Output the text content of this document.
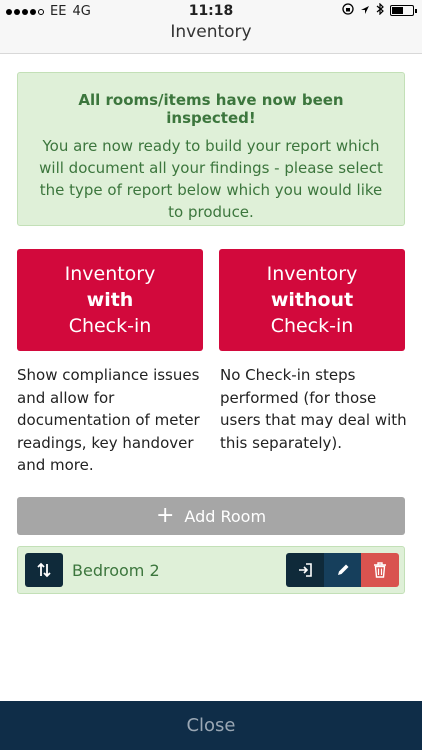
EE 4G	11:18
Inventory
All rooms/items have now been inspected!
You are now ready to build your report which will document all your findings - please select the type of report below which you would like to produce.
Inventory
with
Check-in
Inventory
without
Check-in
Show compliance issues and allow for documentation of meter readings, key handover and more.
No Check-in steps performed (for those users that may deal with this separately).
+ Add Room
Bedroom 2
Close
